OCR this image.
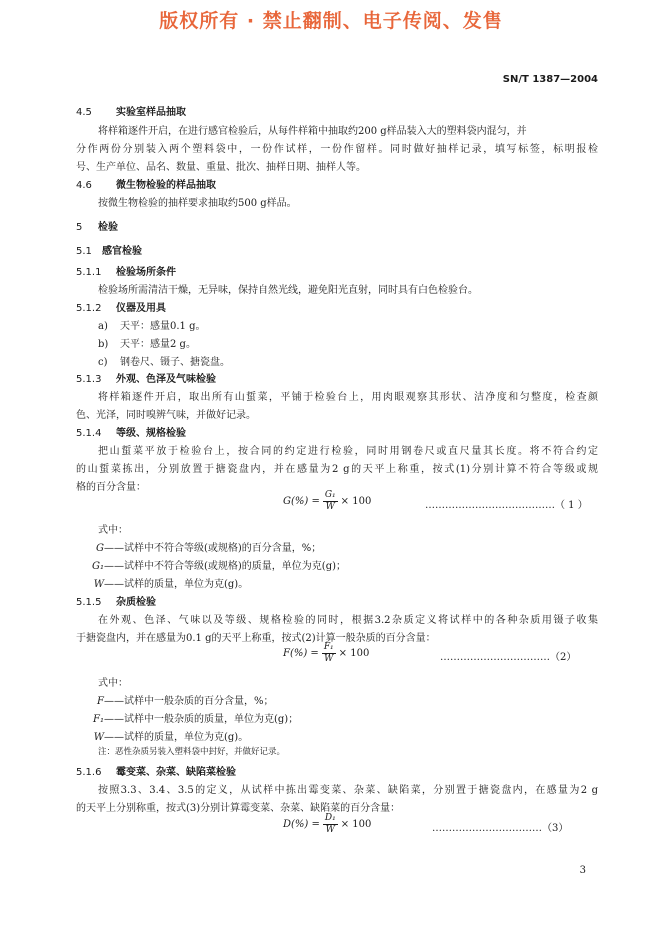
版权所有 · 禁止翻制、电子传阅、发售
SN/T 1387—2004
4.5 实验室样品抽取
将样箱逐件开启，在进行感官检验后，从每件样箱中抽取约200 g样品装入大的塑料袋内混匀，并
分作两份分别装入两个塑料袋中，一份作试样，一份作留样。同时做好抽样记录，填写标签，标明报检
号、生产单位、品名、数量、重量、批次、抽样日期、抽样人等。
4.6 微生物检验的样品抽取
按微生物检验的抽样要求抽取约500 g样品。
5 检验
5.1 感官检验
5.1.1 检验场所条件
检验场所需清洁干燥，无异味，保持自然光线，避免阳光直射，同时具有白色检验台。
5.1.2 仪器及用具
a) 天平：感量0.1 g。
b) 天平：感量2 g。
c) 钢卷尺、镊子、搪瓷盘。
5.1.3 外观、色泽及气味检验
将样箱逐件开启，取出所有山蜇菜，平铺于检验台上，用肉眼观察其形状、洁净度和匀整度，检查颜
色、光泽，同时嗅辨气味，并做好记录。
5.1.4 等级、规格检验
把山蜇菜平放于检验台上，按合同的约定进行检验，同时用钢卷尺或直尺量其长度。将不符合约定
的山蜇菜拣出，分别放置于搪瓷盘内，并在感量为2 g的天平上称重，按式(1)分别计算不符合等级或规
格的百分含量：
$G(\%) = \frac{\text{G₁}}{W} \times 100$	…………………………………（ 1 ）
式中：
G——试样中不符合等级(或规格)的百分含量，%；
G₁——试样中不符合等级(或规格)的质量，单位为克(g)；
W——试样的质量，单位为克(g)。
5.1.5 杂质检验
在外观、色泽、气味以及等级、规格检验的同时，根据3.2杂质定义将试样中的各种杂质用镊子收集
于搪瓷盘内，并在感量为0.1 g的天平上称重，按式(2)计算一般杂质的百分含量：
$F(\%) = \frac{\text{F₁}}{W} \times 100$	……………………………（2）
式中：
F——试样中一般杂质的百分含量，%；
F₁——试样中一般杂质的质量，单位为克(g)；
W——试样的质量，单位为克(g)。
注：恶性杂质另装入塑料袋中封好，并做好记录。
5.1.6 霉变菜、杂菜、缺陷菜检验
按照3.3、3.4、3.5的定义，从试样中拣出霉变菜、杂菜、缺陷菜，分别置于搪瓷盘内，在感量为2 g
的天平上分别称重，按式(3)分别计算霉变菜、杂菜、缺陷菜的百分含量：
$D(\%) = \frac{\text{D₁}}{W} \times 100$	……………………………（3）
3
